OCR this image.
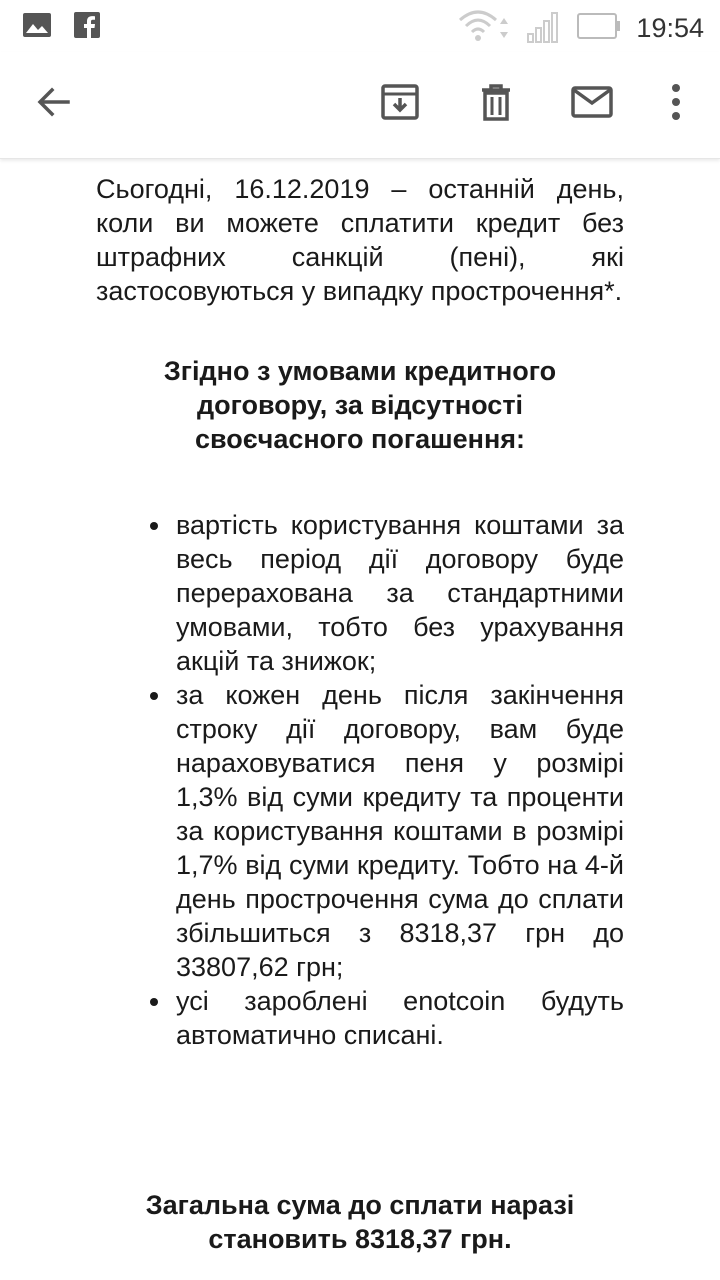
19:54

Сьогодні, 16.12.2019 – останній день, коли ви можете сплатити кредит без штрафних санкцій (пені), які застосовуються у випадку прострочення*.

Згідно з умовами кредитного
договору, за відсутності
своєчасного погашення:
вартість користування коштами за весь період дії договору буде перерахована за стандартними умовами, тобто без урахування акцій та знижок;
за кожен день після закінчення строку дії договору, вам буде нараховуватися пеня у розмірі 1,3% від суми кредиту та проценти за користування коштами в розмірі 1,7% від суми кредиту. Тобто на 4-й день прострочення сума до сплати збільшиться з 8318,37 грн до 33807,62 грн;
усі зароблені enotcoin будуть автоматично списані.
Загальна сума до сплати наразі
становить 8318,37 грн.
